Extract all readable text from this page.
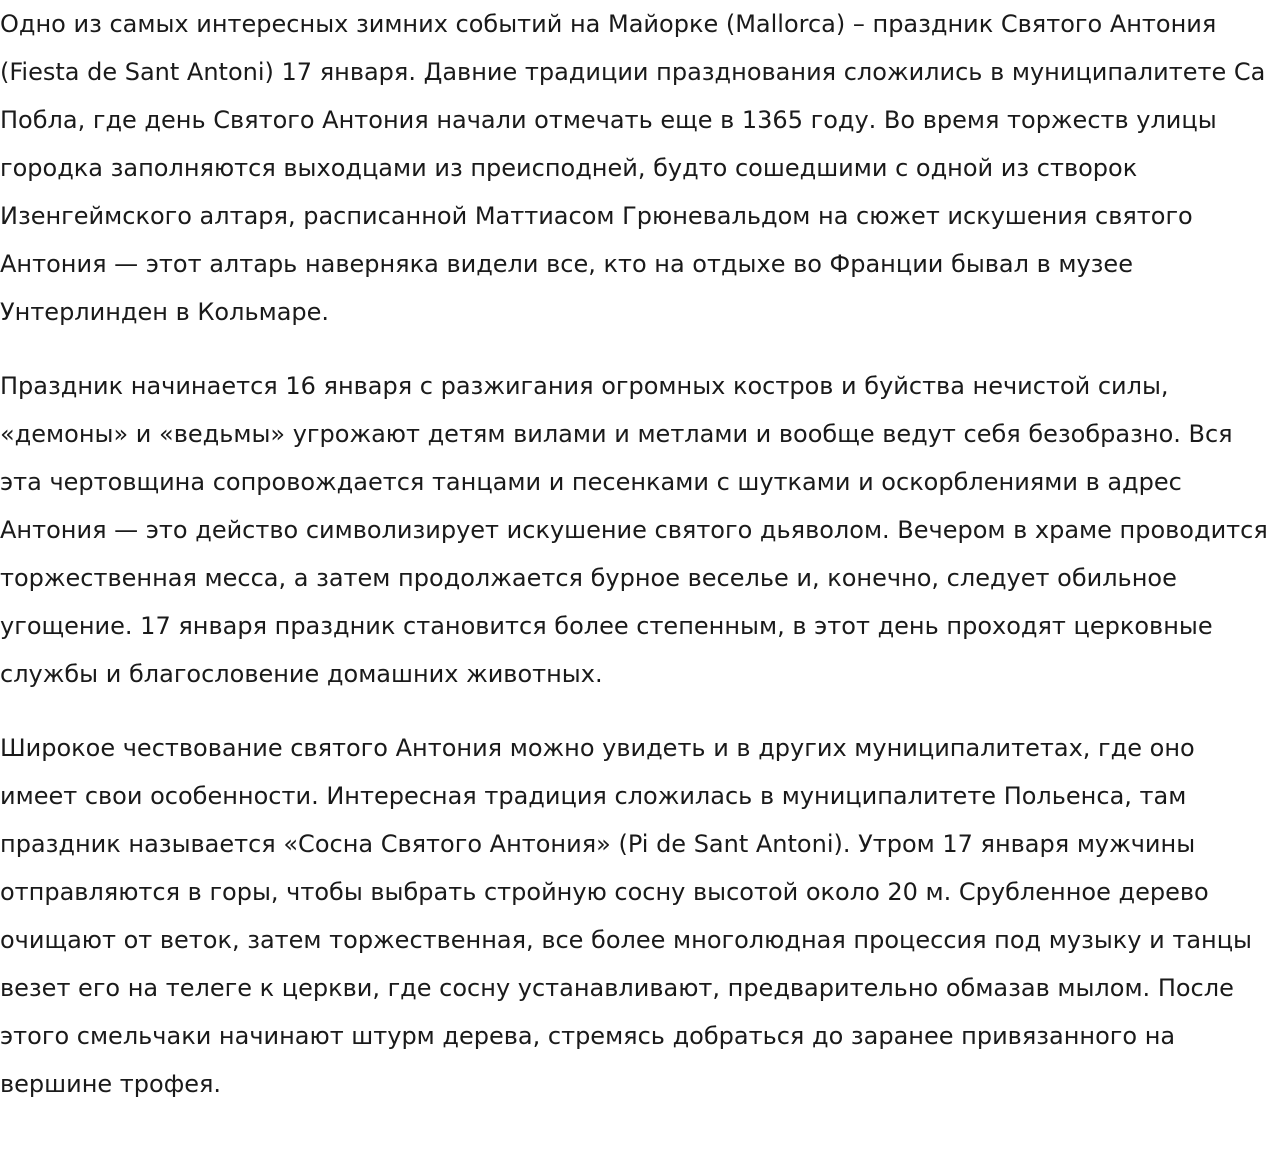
Одно из самых интересных зимних событий на Майорке (Mallorca) – праздник Святого Антония (Fiesta de Sant Antoni) 17 января. Давние традиции празднования сложились в муниципалитете Са Побла, где день Святого Антония начали отмечать еще в 1365 году. Во время торжеств улицы городка заполняются выходцами из преисподней, будто сошедшими с одной из створок Изенгеймского алтаря, расписанной Маттиасом Грюневальдом на сюжет искушения святого Антония — этот алтарь наверняка видели все, кто на отдыхе во Франции бывал в музее Унтерлинден в Кольмаре.

Праздник начинается 16 января с разжигания огромных костров и буйства нечистой силы, «демоны» и «ведьмы» угрожают детям вилами и метлами и вообще ведут себя безобразно. Вся эта чертовщина сопровождается танцами и песенками с шутками и оскорблениями в адрес Антония — это действо символизирует искушение святого дьяволом. Вечером в храме проводится торжественная месса, а затем продолжается бурное веселье и, конечно, следует обильное угощение. 17 января праздник становится более степенным, в этот день проходят церковные службы и благословение домашних животных.

Широкое чествование святого Антония можно увидеть и в других муниципалитетах, где оно имеет свои особенности. Интересная традиция сложилась в муниципалитете Польенса, там праздник называется «Сосна Святого Антония» (Pi de Sant Antoni). Утром 17 января мужчины отправляются в горы, чтобы выбрать стройную сосну высотой около 20 м. Срубленное дерево очищают от веток, затем торжественная, все более многолюдная процессия под музыку и танцы везет его на телеге к церкви, где сосну устанавливают, предварительно обмазав мылом. После этого смельчаки начинают штурм дерева, стремясь добраться до заранее привязанного на вершине трофея.
